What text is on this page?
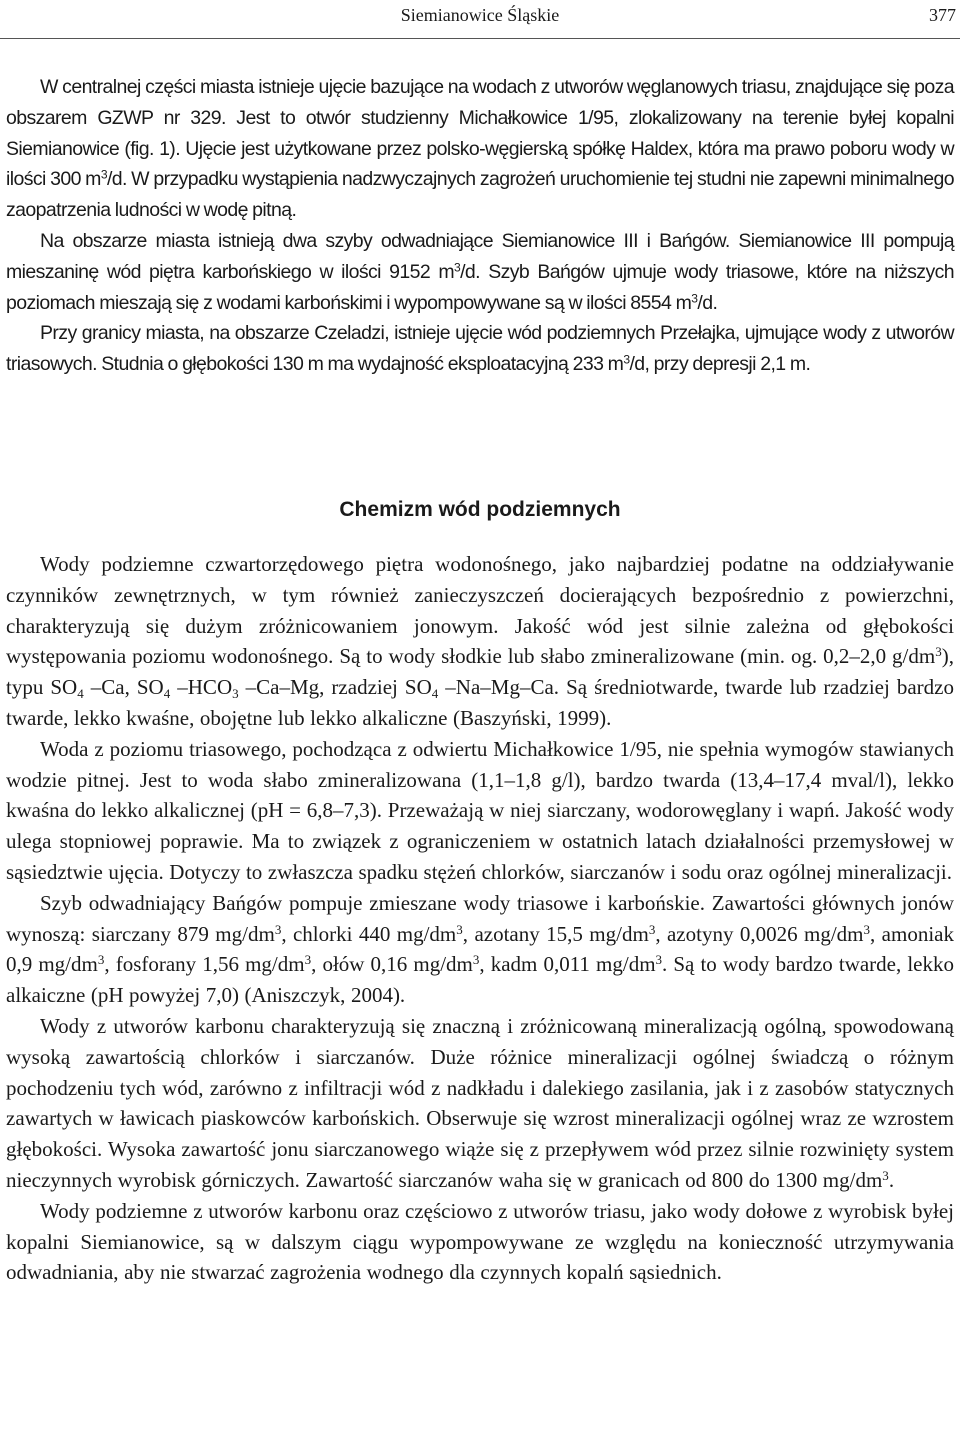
Siemianowice Śląskie	377

W centralnej części miasta istnieje ujęcie bazujące na wodach z utworów węglanowych triasu, znajdujące się poza obszarem GZWP nr 329. Jest to otwór studzienny Michałkowice 1/95, zlokalizowany na terenie byłej kopalni Siemianowice (fig. 1). Ujęcie jest użytkowane przez polsko-węgierską spółkę Haldex, która ma prawo poboru wody w ilości 300 $m^3/d$. W przypadku wystąpienia nadzwyczajnych zagrożeń uruchomienie tej studni nie zapewni minimalnego zaopatrzenia ludności w wodę pitną.

Na obszarze miasta istnieją dwa szyby odwadniające Siemianowice III i Bańgów. Siemianowice III pompują mieszaninę wód piętra karbońskiego w ilości 9152 $m^3/d$. Szyb Bańgów ujmuje wody triasowe, które na niższych poziomach mieszają się z wodami karbońskimi i wypompowywane są w ilości 8554 $m^3/d$.

Przy granicy miasta, na obszarze Czeladzi, istnieje ujęcie wód podziemnych Przełajka, ujmujące wody z utworów triasowych. Studnia o głębokości 130 m ma wydajność eksploatacyjną 233 $m^3/d$, przy depresji 2,1 m.

Chemizm wód podziemnych

Wody podziemne czwartorzędowego piętra wodonośnego, jako najbardziej podatne na oddziaływanie czynników zewnętrznych, w tym również zanieczyszczeń docierających bezpośrednio z powierzchni, charakteryzują się dużym zróżnicowaniem jonowym. Jakość wód jest silnie zależna od głębokości występowania poziomu wodonośnego. Są to wody słodkie lub słabo zmineralizowane (min. og. 0,2–2,0 $g/dm^3$), typu $SO_4$ –Ca, $SO_4$ $-HCO_3$ –Ca–Mg, rzadziej $SO_4$ –Na–Mg–Ca. Są średniotwarde, twarde lub rzadziej bardzo twarde, lekko kwaśne, obojętne lub lekko alkaliczne (Baszyński, 1999).

Woda z poziomu triasowego, pochodząca z odwiertu Michałkowice 1/95, nie spełnia wymogów stawianych wodzie pitnej. Jest to woda słabo zmineralizowana (1,1–1,8 g/l), bardzo twarda (13,4–17,4 mval/l), lekko kwaśna do lekko alkalicznej (pH = 6,8–7,3). Przeważają w niej siarczany, wodorowęglany i wapń. Jakość wody ulega stopniowej poprawie. Ma to związek z ograniczeniem w ostatnich latach działalności przemysłowej w sąsiedztwie ujęcia. Dotyczy to zwłaszcza spadku stężeń chlorków, siarczanów i sodu oraz ogólnej mineralizacji.

Szyb odwadniający Bańgów pompuje zmieszane wody triasowe i karbońskie. Zawartości głównych jonów wynoszą: siarczany 879 $mg/dm^3$, chlorki 440 $mg/dm^3$, azotany 15,5 $mg/dm^3$, azotyny 0,0026 $mg/dm^3$, amoniak 0,9 $mg/dm^3$, fosforany 1,56 $mg/dm^3$, ołów 0,16 $mg/dm^3$, kadm 0,011 $mg/dm^3$. Są to wody bardzo twarde, lekko alkaiczne (pH powyżej 7,0) (Aniszczyk, 2004).

Wody z utworów karbonu charakteryzują się znaczną i zróżnicowaną mineralizacją ogólną, spowodowaną wysoką zawartością chlorków i siarczanów. Duże różnice mineralizacji ogólnej świadczą o różnym pochodzeniu tych wód, zarówno z infiltracji wód z nadkładu i dalekiego zasilania, jak i z zasobów statycznych zawartych w ławicach piaskowców karbońskich. Obserwuje się wzrost mineralizacji ogólnej wraz ze wzrostem głębokości. Wysoka zawartość jonu siarczanowego wiąże się z przepływem wód przez silnie rozwinięty system nieczynnych wyrobisk górniczych. Zawartość siarczanów waha się w granicach od 800 do 1300 $mg/dm^3$.

Wody podziemne z utworów karbonu oraz częściowo z utworów triasu, jako wody dołowe z wyrobisk byłej kopalni Siemianowice, są w dalszym ciągu wypompowywane ze względu na konieczność utrzymywania odwadniania, aby nie stwarzać zagrożenia wodnego dla czynnych kopalń sąsiednich.
